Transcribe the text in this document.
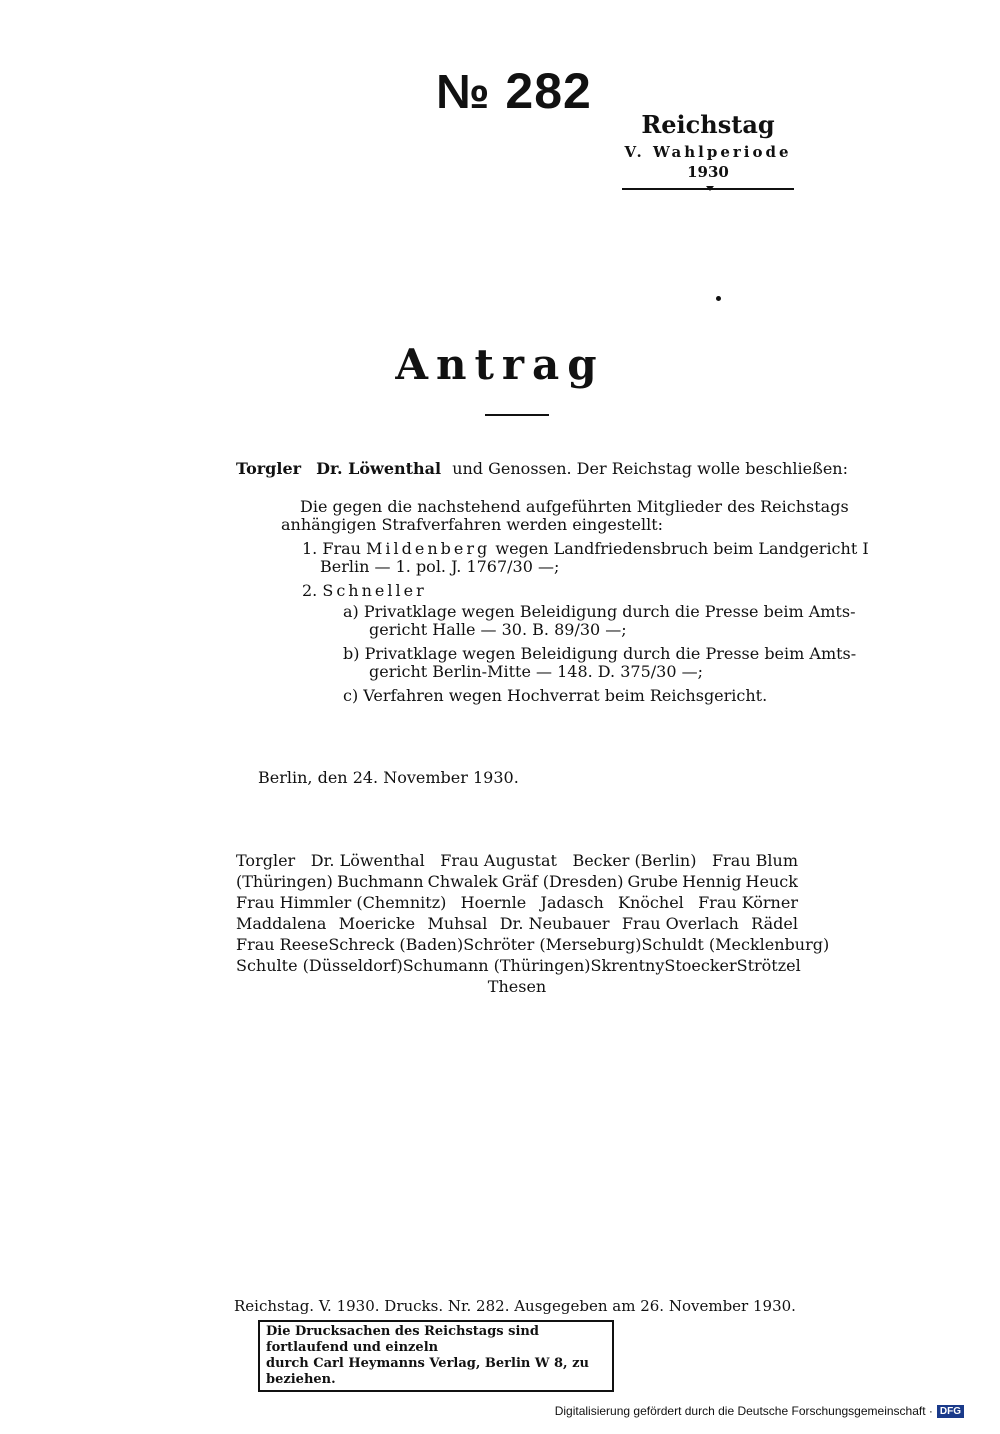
№ 282
Reichstag
V. Wahlperiode
1930
Antrag
Torgler Dr. Löwenthal und Genossen. Der Reichstag wolle beschließen:
Die gegen die nachstehend aufgeführten Mitglieder des Reichstags
anhängigen Strafverfahren werden eingestellt:
1. Frau Mildenberg wegen Landfriedensbruch beim Landgericht I
Berlin — 1. pol. J. 1767/30 —;
2. Schneller
a) Privatklage wegen Beleidigung durch die Presse beim Amts-
gericht Halle — 30. B. 89/30 —;
b) Privatklage wegen Beleidigung durch die Presse beim Amts-
gericht Berlin-Mitte — 148. D. 375/30 —;
c) Verfahren wegen Hochverrat beim Reichsgericht.
Berlin, den 24. November 1930.
Torgler Dr. Löwenthal Frau Augustat Becker (Berlin) Frau Blum
(Thüringen) Buchmann Chwalek Gräf (Dresden) Grube Hennig Heuck
Frau Himmler (Chemnitz) Hoernle Jadasch Knöchel Frau Körner
Maddalena Moericke Muhsal Dr. Neubauer Frau Overlach Rädel
Frau Reese Schreck (Baden) Schröter (Merseburg) Schuldt (Mecklenburg)
Schulte (Düsseldorf) Schumann (Thüringen) Skrentny Stoecker Strötzel
Thesen
Reichstag. V. 1930. Drucks. Nr. 282. Ausgegeben am 26. November 1930.
Die Drucksachen des Reichstags sind fortlaufend und einzeln
durch Carl Heymanns Verlag, Berlin W 8, zu beziehen.
Digitalisierung gefördert durch die Deutsche Forschungsgemeinschaft · DFG
